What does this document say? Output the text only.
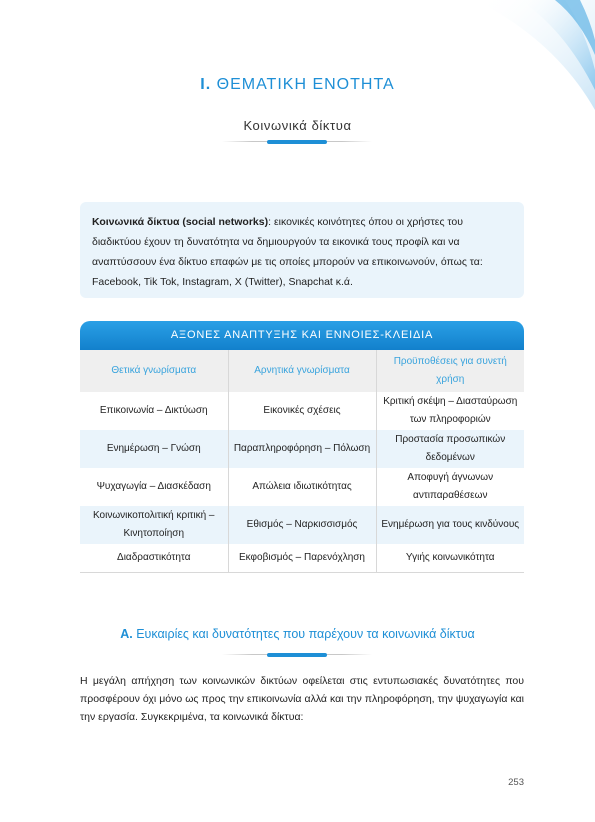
I. ΘΕΜΑΤΙΚΗ ΕΝΟΤΗΤΑ
Κοινωνικά δίκτυα
Κοινωνικά δίκτυα (social networks): εικονικές κοινότητες όπου οι χρήστες του διαδικτύου έχουν τη δυνατότητα να δημιουργούν τα εικονικά τους προφίλ και να αναπτύσσουν ένα δίκτυο επαφών με τις οποίες μπορούν να επικοινωνούν, όπως τα: Facebook, Tik Tok, Instagram, X (Twitter), Snapchat κ.ά.
ΑΞΟΝΕΣ ΑΝΑΠΤΥΞΗΣ ΚΑΙ ΕΝΝΟΙΕΣ-ΚΛΕΙΔΙΑ
Θετικά γνωρίσματα	Αρνητικά γνωρίσματα	Προϋποθέσεις για συνετή χρήση
Επικοινωνία – Δικτύωση	Εικονικές σχέσεις	Κριτική σκέψη – Διασταύρωση των πληροφοριών
Ενημέρωση – Γνώση	Παραπληροφόρηση – Πόλωση	Προστασία προσωπικών δεδομένων
Ψυχαγωγία – Διασκέδαση	Απώλεια ιδιωτικότητας	Αποφυγή άγνωνων αντιπαραθέσεων
Κοινωνικοπολιτική κριτική – Κινητοποίηση	Εθισμός – Ναρκισσισμός	Ενημέρωση για τους κινδύνους
Διαδραστικότητα	Εκφοβισμός – Παρενόχληση	Υγιής κοινωνικότητα
Α. Ευκαιρίες και δυνατότητες που παρέχουν τα κοινωνικά δίκτυα
Η μεγάλη απήχηση των κοινωνικών δικτύων οφείλεται στις εντυπωσιακές δυνατότητες που προσφέρουν όχι μόνο ως προς την επικοινωνία αλλά και την πληροφόρηση, την ψυχαγωγία και την εργασία. Συγκεκριμένα, τα κοινωνικά δίκτυα:
253
